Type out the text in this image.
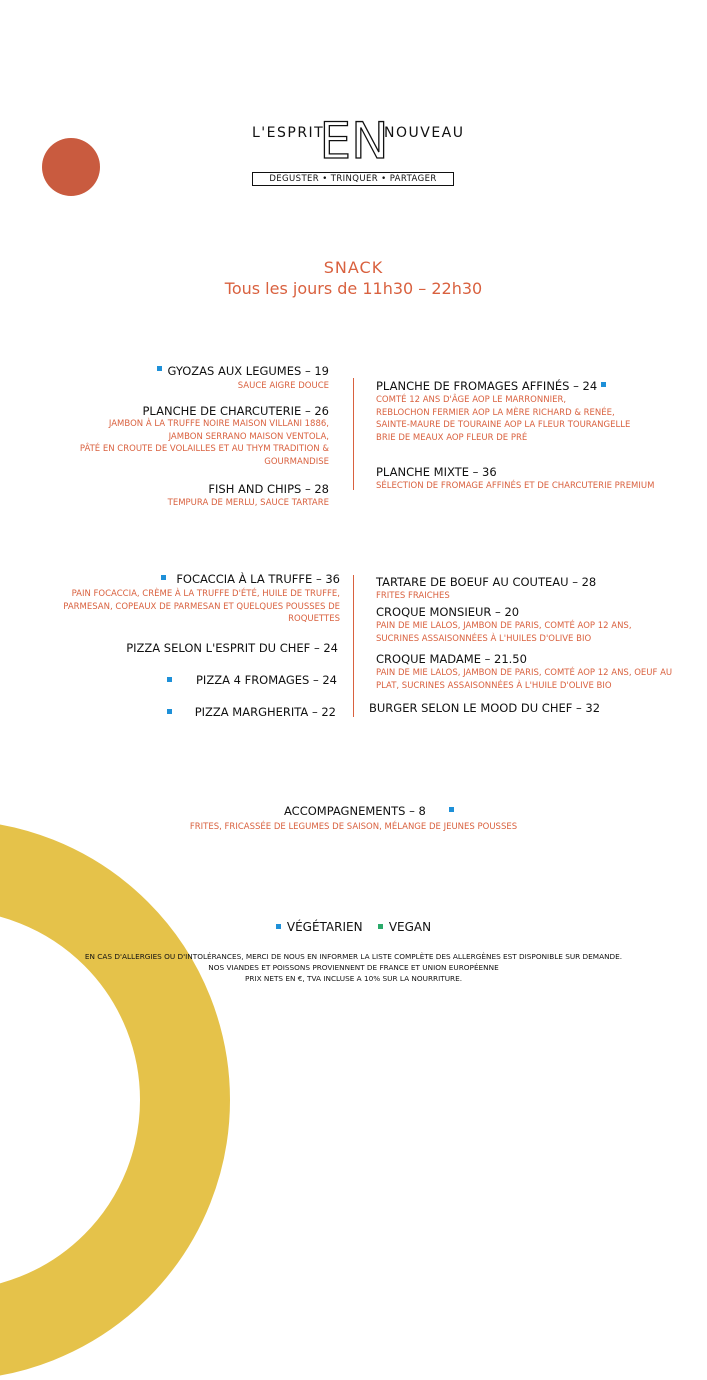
L'ESPRIT
EN
NOUVEAU
DEGUSTER • TRINQUER • PARTAGER
SNACK
Tous les jours de 11h30 – 22h30
GYOZAS AUX LEGUMES – 19
SAUCE AIGRE DOUCE
PLANCHE DE CHARCUTERIE – 26
JAMBON À LA TRUFFE NOIRE MAISON VILLANI 1886,
JAMBON SERRANO MAISON VENTOLA,
PÂTÉ EN CROUTE DE VOLAILLES ET AU THYM TRADITION &
GOURMANDISE
FISH AND CHIPS – 28
TEMPURA DE MERLU, SAUCE TARTARE
PLANCHE DE FROMAGES AFFINÉS – 24
COMTÉ 12 ANS D'ÂGE AOP LE MARRONNIER,
REBLOCHON FERMIER AOP LA MÈRE RICHARD & RENÉE,
SAINTE-MAURE DE TOURAINE AOP LA FLEUR TOURANGELLE
BRIE DE MEAUX AOP FLEUR DE PRÉ
PLANCHE MIXTE – 36
SÉLECTION DE FROMAGE AFFINÉS ET DE CHARCUTERIE PREMIUM
FOCACCIA À LA TRUFFE – 36
PAIN FOCACCIA, CRÈME À LA TRUFFE D'ÉTÉ, HUILE DE TRUFFE,
PARMESAN, COPEAUX DE PARMESAN ET QUELQUES POUSSES DE
ROQUETTES
PIZZA SELON L'ESPRIT DU CHEF – 24
PIZZA 4 FROMAGES – 24
PIZZA MARGHERITA – 22
TARTARE DE BOEUF AU COUTEAU – 28
FRITES FRAICHES
CROQUE MONSIEUR – 20
PAIN DE MIE LALOS, JAMBON DE PARIS, COMTÉ AOP 12 ANS,
SUCRINES ASSAISONNÉES À L'HUILES D'OLIVE BIO
CROQUE MADAME – 21.50
PAIN DE MIE LALOS, JAMBON DE PARIS, COMTÉ AOP 12 ANS, OEUF AU
PLAT, SUCRINES ASSAISONNÉES À L'HUILE D'OLIVE BIO
BURGER SELON LE MOOD DU CHEF – 32
ACCOMPAGNEMENTS – 8
FRITES, FRICASSÉE DE LEGUMES DE SAISON, MÉLANGE DE JEUNES POUSSES
VÉGÉTARIEN VEGAN
EN CAS D'ALLERGIES OU D'INTOLÉRANCES, MERCI DE NOUS EN INFORMER LA LISTE COMPLÈTE DES ALLERGÈNES EST DISPONIBLE SUR DEMANDE.
NOS VIANDES ET POISSONS PROVIENNENT DE FRANCE ET UNION EUROPÉENNE
PRIX NETS EN €, TVA INCLUSE A 10% SUR LA NOURRITURE.
